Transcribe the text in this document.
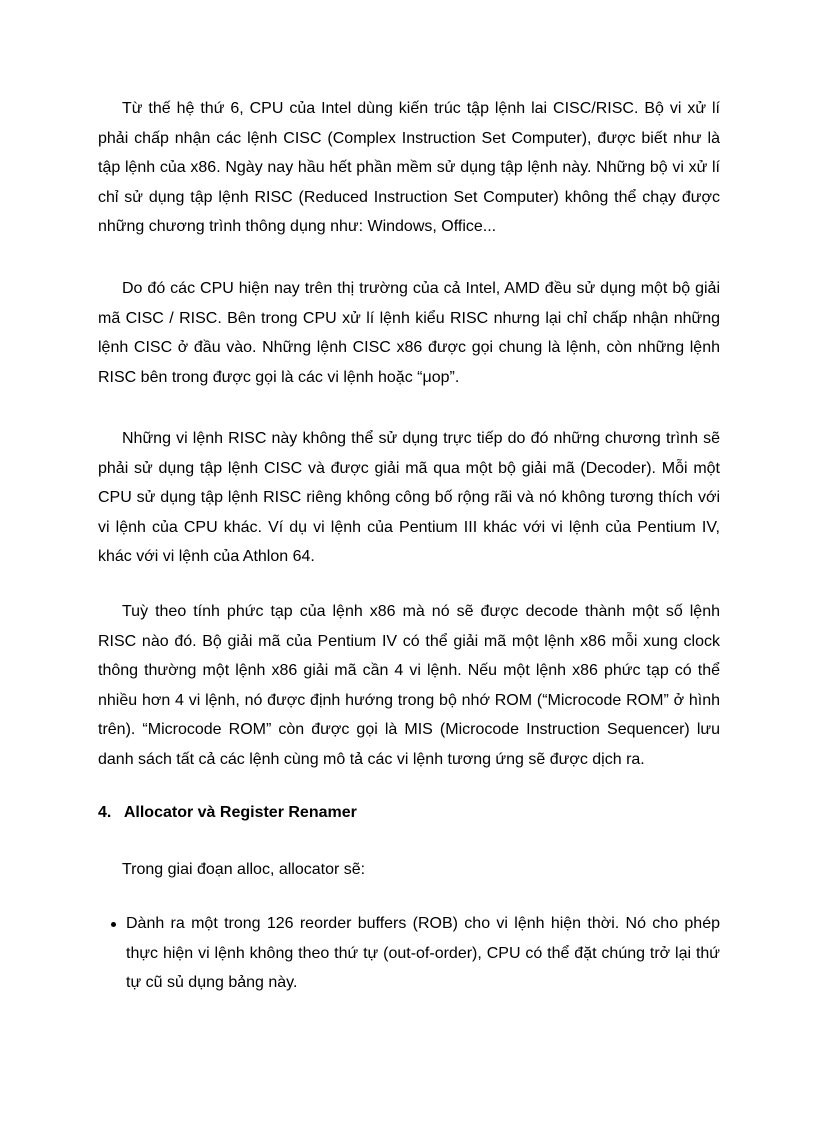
Từ thế hệ thứ 6, CPU của Intel dùng kiến trúc tập lệnh lai CISC/RISC. Bộ vi xử lí phải chấp nhận các lệnh CISC (Complex Instruction Set Computer), được biết như là tập lệnh của x86. Ngày nay hầu hết phần mềm sử dụng tập lệnh này. Những bộ vi xử lí chỉ sử dụng tập lệnh RISC (Reduced Instruction Set Computer) không thể chạy được những chương trình thông dụng như: Windows, Office...

Do đó các CPU hiện nay trên thị trường của cả Intel, AMD đều sử dụng một bộ giải mã CISC / RISC. Bên trong CPU xử lí lệnh kiểu RISC nhưng lại chỉ chấp nhận những lệnh CISC ở đầu vào. Những lệnh CISC x86 được gọi chung là lệnh, còn những lệnh RISC bên trong được gọi là các vi lệnh hoặc “μop”.

Những vi lệnh RISC này không thể sử dụng trực tiếp do đó những chương trình sẽ phải sử dụng tập lệnh CISC và được giải mã qua một bộ giải mã (Decoder). Mỗi một CPU sử dụng tập lệnh RISC riêng không công bố rộng rãi và nó không tương thích với vi lệnh của CPU khác. Ví dụ vi lệnh của Pentium III khác với vi lệnh của Pentium IV, khác với vi lệnh của Athlon 64.

Tuỳ theo tính phức tạp của lệnh x86 mà nó sẽ được decode thành một số lệnh RISC nào đó. Bộ giải mã của Pentium IV có thể giải mã một lệnh x86 mỗi xung clock thông thường một lệnh x86 giải mã cần 4 vi lệnh. Nếu một lệnh x86 phức tạp có thể nhiều hơn 4 vi lệnh, nó được định hướng trong bộ nhớ ROM (“Microcode ROM” ở hình trên). “Microcode ROM” còn được gọi là MIS (Microcode Instruction Sequencer) lưu danh sách tất cả các lệnh cùng mô tả các vi lệnh tương ứng sẽ được dịch ra.

4. Allocator và Register Renamer

Trong giai đoạn alloc, allocator sẽ:

Dành ra một trong 126 reorder buffers (ROB) cho vi lệnh hiện thời. Nó cho phép thực hiện vi lệnh không theo thứ tự (out-of-order), CPU có thể đặt chúng trở lại thứ tự cũ sủ dụng bảng này.
